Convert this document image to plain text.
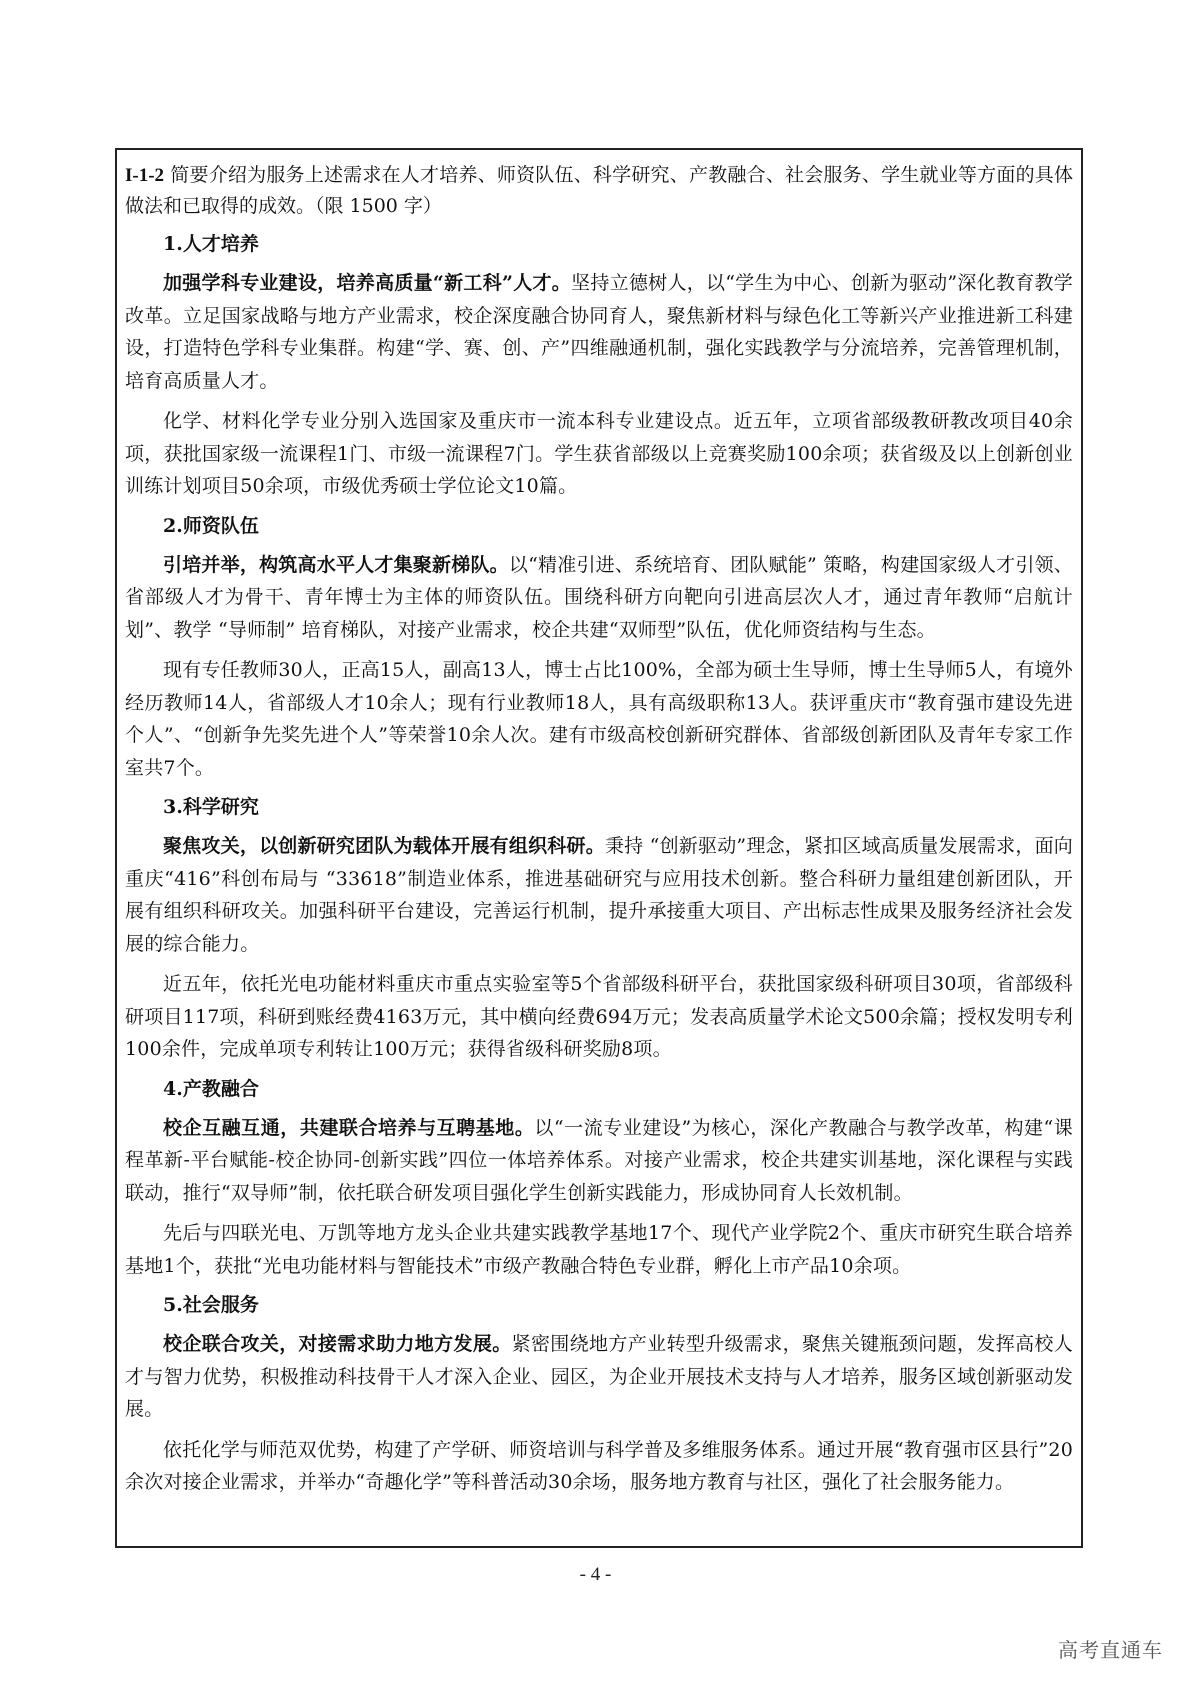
I-1-2 简要介绍为服务上述需求在人才培养、师资队伍、科学研究、产教融合、社会服务、学生就业等方面的具体做法和已取得的成效。（限 1500 字）

1.人才培养

加强学科专业建设，培养高质量“新工科”人才。坚持立德树人，以“学生为中心、创新为驱动”深化教育教学改革。立足国家战略与地方产业需求，校企深度融合协同育人，聚焦新材料与绿色化工等新兴产业推进新工科建设，打造特色学科专业集群。构建“学、赛、创、产”四维融通机制，强化实践教学与分流培养，完善管理机制，培育高质量人才。

化学、材料化学专业分别入选国家及重庆市一流本科专业建设点。近五年，立项省部级教研教改项目40余项，获批国家级一流课程1门、市级一流课程7门。学生获省部级以上竞赛奖励100余项；获省级及以上创新创业训练计划项目50余项，市级优秀硕士学位论文10篇。

2.师资队伍

引培并举，构筑高水平人才集聚新梯队。以“精准引进、系统培育、团队赋能” 策略，构建国家级人才引领、省部级人才为骨干、青年博士为主体的师资队伍。围绕科研方向靶向引进高层次人才，通过青年教师“启航计划”、教学 “导师制” 培育梯队，对接产业需求，校企共建“双师型”队伍，优化师资结构与生态。

现有专任教师30人，正高15人，副高13人，博士占比100%，全部为硕士生导师，博士生导师5人，有境外经历教师14人，省部级人才10余人；现有行业教师18人，具有高级职称13人。获评重庆市“教育强市建设先进个人”、“创新争先奖先进个人”等荣誉10余人次。建有市级高校创新研究群体、省部级创新团队及青年专家工作室共7个。

3.科学研究

聚焦攻关，以创新研究团队为载体开展有组织科研。秉持 “创新驱动”理念，紧扣区域高质量发展需求，面向重庆“416”科创布局与 “33618”制造业体系，推进基础研究与应用技术创新。整合科研力量组建创新团队，开展有组织科研攻关。加强科研平台建设，完善运行机制，提升承接重大项目、产出标志性成果及服务经济社会发展的综合能力。

近五年，依托光电功能材料重庆市重点实验室等5个省部级科研平台，获批国家级科研项目30项，省部级科研项目117项，科研到账经费4163万元，其中横向经费694万元；发表高质量学术论文500余篇；授权发明专利100余件，完成单项专利转让100万元；获得省级科研奖励8项。

4.产教融合

校企互融互通，共建联合培养与互聘基地。以“一流专业建设”为核心，深化产教融合与教学改革，构建“课程革新-平台赋能-校企协同-创新实践”四位一体培养体系。对接产业需求，校企共建实训基地，深化课程与实践联动，推行“双导师”制，依托联合研发项目强化学生创新实践能力，形成协同育人长效机制。

先后与四联光电、万凯等地方龙头企业共建实践教学基地17个、现代产业学院2个、重庆市研究生联合培养基地1个，获批“光电功能材料与智能技术”市级产教融合特色专业群，孵化上市产品10余项。

5.社会服务

校企联合攻关，对接需求助力地方发展。紧密围绕地方产业转型升级需求，聚焦关键瓶颈问题，发挥高校人才与智力优势，积极推动科技骨干人才深入企业、园区，为企业开展技术支持与人才培养，服务区域创新驱动发展。

依托化学与师范双优势，构建了产学研、师资培训与科学普及多维服务体系。通过开展“教育强市区县行”20余次对接企业需求，并举办“奇趣化学”等科普活动30余场，服务地方教育与社区，强化了社会服务能力。

- 4 -
高考直通车
